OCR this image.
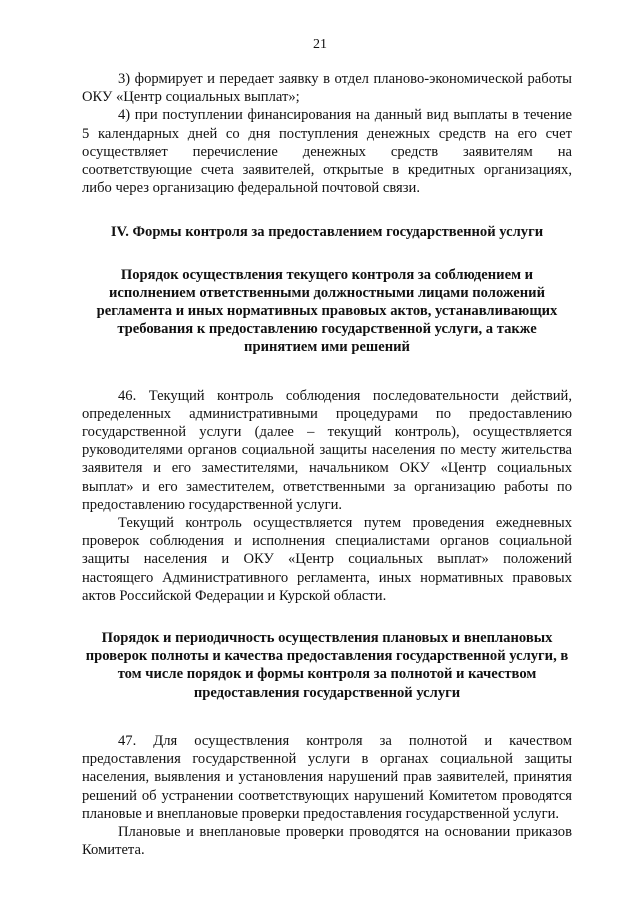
21

3) формирует и передает заявку в отдел планово-экономической работы ОКУ «Центр социальных выплат»;

4) при поступлении финансирования на данный вид выплаты в течение 5 календарных дней со дня поступления денежных средств на его счет осуществляет перечисление денежных средств заявителям на соответствующие счета заявителей, открытые в кредитных организациях, либо через организацию федеральной почтовой связи.

IV. Формы контроля за предоставлением государственной услуги

Порядок осуществления текущего контроля за соблюдением и исполнением ответственными должностными лицами положений регламента и иных нормативных правовых актов, устанавливающих требования к предоставлению государственной услуги, а также принятием ими решений

46. Текущий контроль соблюдения последовательности действий, определенных административными процедурами по предоставлению государственной услуги (далее – текущий контроль), осуществляется руководителями органов социальной защиты населения по месту жительства заявителя и его заместителями, начальником ОКУ «Центр социальных выплат» и его заместителем, ответственными за организацию работы по предоставлению государственной услуги.

Текущий контроль осуществляется путем проведения ежедневных проверок соблюдения и исполнения специалистами органов социальной защиты населения и ОКУ «Центр социальных выплат» положений настоящего Административного регламента, иных нормативных правовых актов Российской Федерации и Курской области.

Порядок и периодичность осуществления плановых и внеплановых проверок полноты и качества предоставления государственной услуги, в том числе порядок и формы контроля за полнотой и качеством предоставления государственной услуги

47. Для осуществления контроля за полнотой и качеством предоставления государственной услуги в органах социальной защиты населения, выявления и установления нарушений прав заявителей, принятия решений об устранении соответствующих нарушений Комитетом проводятся плановые и внеплановые проверки предоставления государственной услуги.

Плановые и внеплановые проверки проводятся на основании приказов Комитета.
